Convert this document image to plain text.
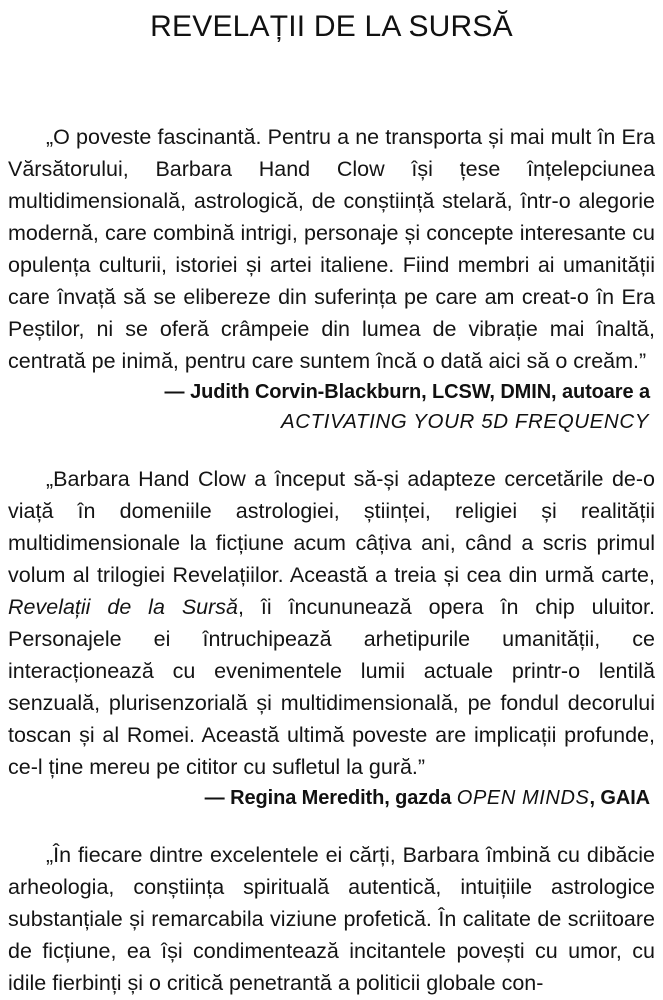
REVELAȚII DE LA SURSĂ

„O poveste fascinantă. Pentru a ne transporta și mai mult în Era Vărsătorului, Barbara Hand Clow își țese înțelepciunea multidimensională, astrologică, de conștiință stelară, într-o alegorie modernă, care combină intrigi, personaje și concepte interesante cu opulența culturii, istoriei și artei italiene. Fiind membri ai umanității care învață să se elibereze din suferința pe care am creat-o în Era Peștilor, ni se oferă crâmpeie din lumea de vibrație mai înaltă, centrată pe inimă, pentru care suntem încă o dată aici să o creăm.”

— Judith Corvin-Blackburn, LCSW, DMIN, autoare a

ACTIVATING YOUR 5D FREQUENCY

„Barbara Hand Clow a început să-și adapteze cercetările de-o viață în domeniile astrologiei, științei, religiei și realității multidimensionale la ficțiune acum câțiva ani, când a scris primul volum al trilogiei Revelațiilor. Această a treia și cea din urmă carte, Revelații de la Sursă, îi încununează opera în chip uluitor. Personajele ei întruchipează arhetipurile umanității, ce interacționează cu evenimentele lumii actuale printr-o lentilă senzuală, plurisenzorială și multidimensională, pe fondul decorului toscan și al Romei. Această ultimă poveste are implicații profunde, ce-l ține mereu pe cititor cu sufletul la gură.”

— Regina Meredith, gazda OPEN MINDS, GAIA

„În fiecare dintre excelentele ei cărți, Barbara îmbină cu dibăcie arheologia, conștiința spirituală autentică, intuițiile astrologice substanțiale și remarcabila viziune profetică. În calitate de scriitoare de ficțiune, ea își condimentează incitantele povești cu umor, cu idile fierbinți și o critică penetrantă a politicii globale con-
